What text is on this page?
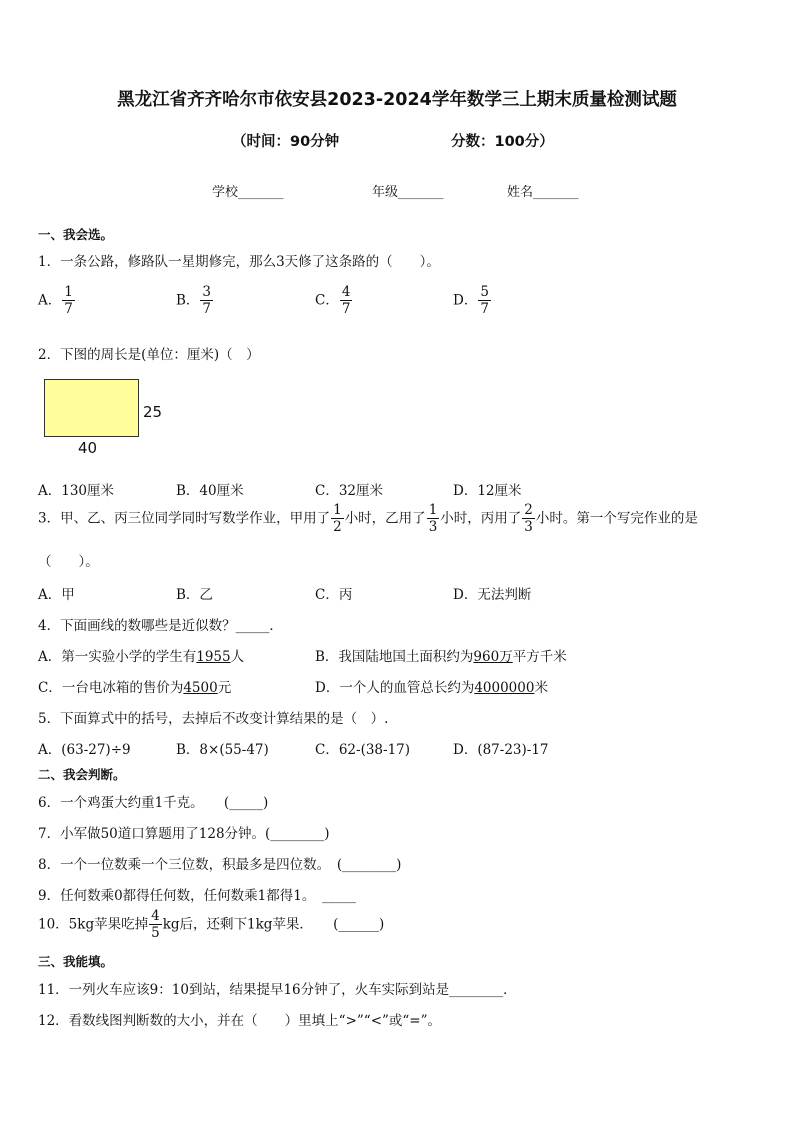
黑龙江省齐齐哈尔市依安县2023-2024学年数学三上期末质量检测试题
（时间：90分钟	分数：100分）
学校_______	年级_______	姓名_______
一、我会选。
1．一条公路，修路队一星期修完，那么3天修了这条路的（　　）。
A． $\frac{1}{7}$	B． $\frac{3}{7}$	C． $\frac{4}{7}$	D． $\frac{5}{7}$
2．下图的周长是(单位：厘米)（　）
25
40
A．130厘米	B．40厘米	C．32厘米	D．12厘米
3．甲、乙、丙三位同学同时写数学作业，甲用了 $\frac{1}{2}$ 小时，乙用了 $\frac{1}{3}$ 小时，丙用了 $\frac{2}{3}$ 小时。第一个写完作业的是
（　　）。
A．甲	B．乙	C．丙	D．无法判断
4．下面画线的数哪些是近似数？_____．
A．第一实验小学的学生有1955人	B．我国陆地国土面积约为960万平方千米
C．一台电冰箱的售价为4500元	D．一个人的血管总长约为4000000米
5．下面算式中的括号，去掉后不改变计算结果的是（　）.
A．(63-27)÷9	B．8×(55-47)	C．62-(38-17)	D．(87-23)-17
二、我会判断。
6．一个鸡蛋大约重1千克。　　(_____)
7．小军做50道口算题用了128分钟。(________)
8．一个一位数乘一个三位数，积最多是四位数。　(________)
9．任何数乘0都得任何数，任何数乘1都得1。　_____
10．5kg苹果吃掉 $\frac{4}{5}$ kg后，还剩下1kg苹果．　　(______)
三、我能填。
11．一列火车应该9：10到站，结果提早16分钟了，火车实际到站是________．
12．看数线图判断数的大小，并在（　　）里填上“>”“<”或“=”。
